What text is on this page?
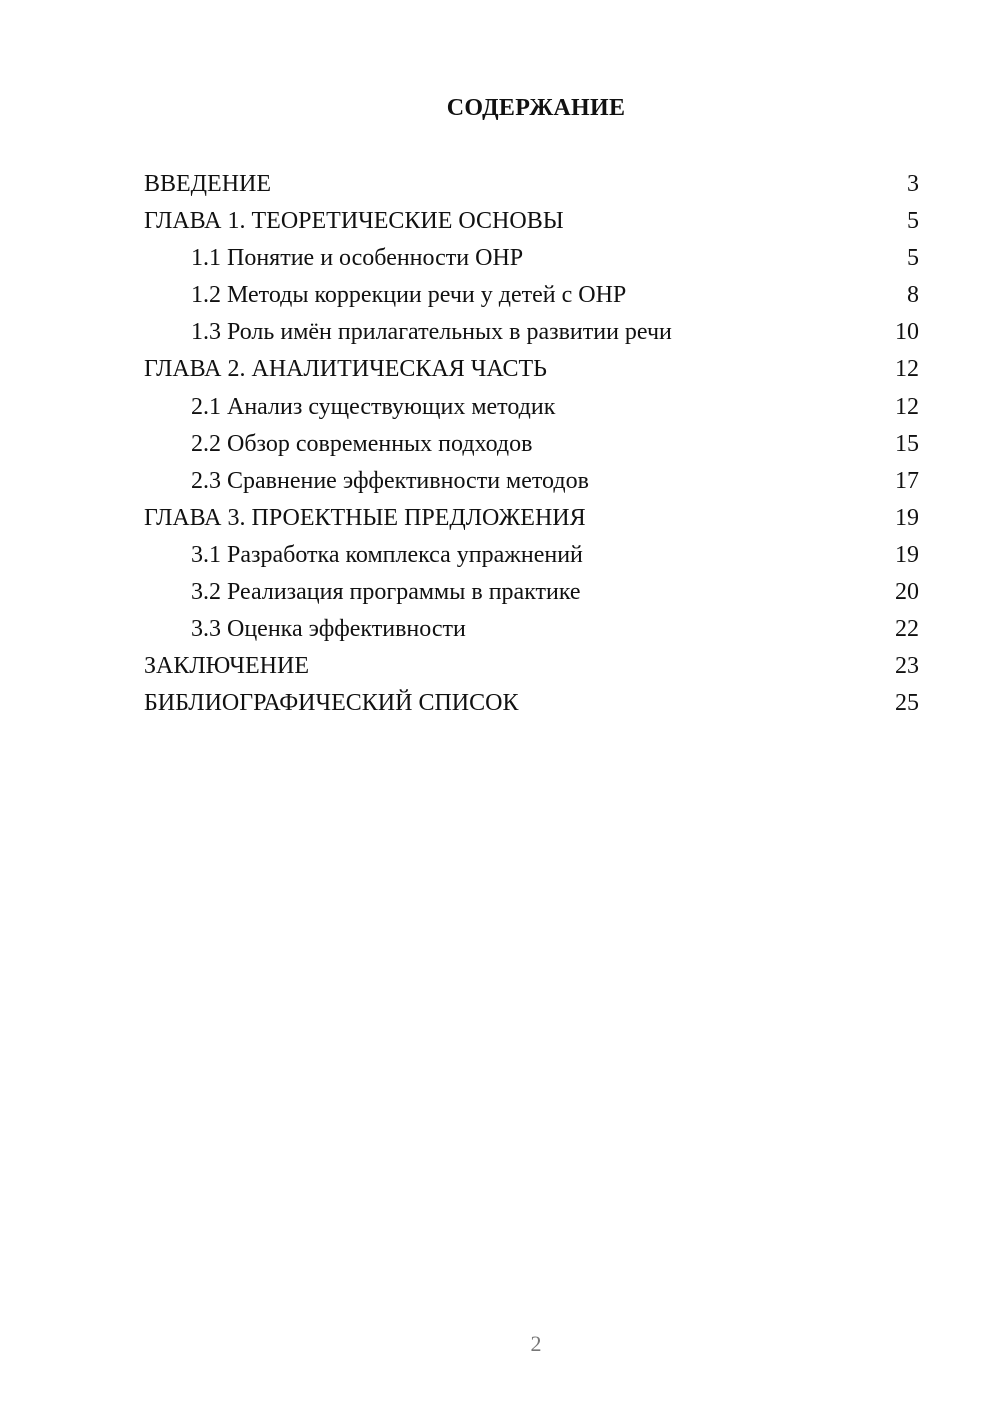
СОДЕРЖАНИЕ
ВВЕДЕНИЕ	3
ГЛАВА 1. ТЕОРЕТИЧЕСКИЕ ОСНОВЫ	5
1.1 Понятие и особенности ОНР	5
1.2 Методы коррекции речи у детей с ОНР	8
1.3 Роль имён прилагательных в развитии речи	10
ГЛАВА 2. АНАЛИТИЧЕСКАЯ ЧАСТЬ	12
2.1 Анализ существующих методик	12
2.2 Обзор современных подходов	15
2.3 Сравнение эффективности методов	17
ГЛАВА 3. ПРОЕКТНЫЕ ПРЕДЛОЖЕНИЯ	19
3.1 Разработка комплекса упражнений	19
3.2 Реализация программы в практике	20
3.3 Оценка эффективности	22
ЗАКЛЮЧЕНИЕ	23
БИБЛИОГРАФИЧЕСКИЙ СПИСОК	25
2
